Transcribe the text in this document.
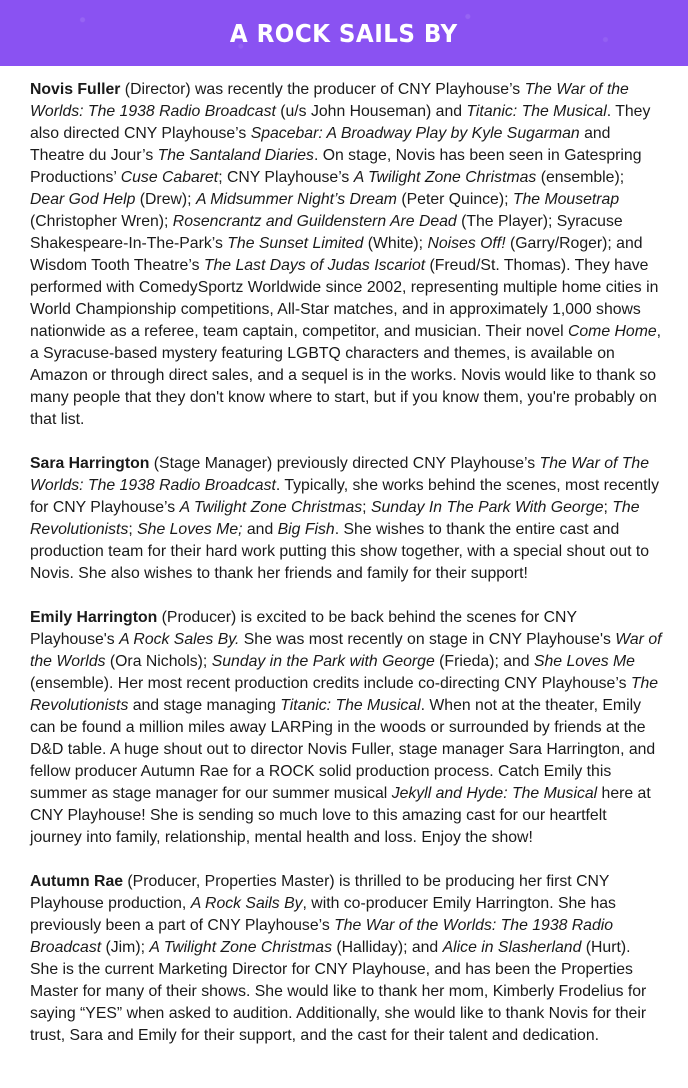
A ROCK SAILS BY

Novis Fuller (Director) was recently the producer of CNY Playhouse’s The War of the Worlds: The 1938 Radio Broadcast (u/s John Houseman) and Titanic: The Musical. They also directed CNY Playhouse’s Spacebar: A Broadway Play by Kyle Sugarman and Theatre du Jour’s The Santaland Diaries. On stage, Novis has been seen in Gatespring Productions’ Cuse Cabaret; CNY Playhouse’s A Twilight Zone Christmas (ensemble); Dear God Help (Drew); A Midsummer Night’s Dream (Peter Quince); The Mousetrap (Christopher Wren); Rosencrantz and Guildenstern Are Dead (The Player); Syracuse Shakespeare-In-The-Park’s The Sunset Limited (White); Noises Off! (Garry/Roger); and Wisdom Tooth Theatre’s The Last Days of Judas Iscariot (Freud/St. Thomas). They have performed with ComedySportz Worldwide since 2002, representing multiple home cities in World Championship competitions, All-Star matches, and in approximately 1,000 shows nationwide as a referee, team captain, competitor, and musician. Their novel Come Home, a Syracuse-based mystery featuring LGBTQ characters and themes, is available on Amazon or through direct sales, and a sequel is in the works. Novis would like to thank so many people that they don't know where to start, but if you know them, you're probably on that list.

Sara Harrington (Stage Manager) previously directed CNY Playhouse’s The War of The Worlds: The 1938 Radio Broadcast. Typically, she works behind the scenes, most recently for CNY Playhouse’s A Twilight Zone Christmas; Sunday In The Park With George; The Revolutionists; She Loves Me; and Big Fish. She wishes to thank the entire cast and production team for their hard work putting this show together, with a special shout out to Novis. She also wishes to thank her friends and family for their support!

Emily Harrington (Producer) is excited to be back behind the scenes for CNY Playhouse's A Rock Sales By. She was most recently on stage in CNY Playhouse's War of the Worlds (Ora Nichols); Sunday in the Park with George (Frieda); and She Loves Me (ensemble). Her most recent production credits include co-directing CNY Playhouse’s The Revolutionists and stage managing Titanic: The Musical. When not at the theater, Emily can be found a million miles away LARPing in the woods or surrounded by friends at the D&D table. A huge shout out to director Novis Fuller, stage manager Sara Harrington, and fellow producer Autumn Rae for a ROCK solid production process. Catch Emily this summer as stage manager for our summer musical Jekyll and Hyde: The Musical here at CNY Playhouse! She is sending so much love to this amazing cast for our heartfelt journey into family, relationship, mental health and loss. Enjoy the show!

Autumn Rae (Producer, Properties Master) is thrilled to be producing her first CNY Playhouse production, A Rock Sails By, with co-producer Emily Harrington. She has previously been a part of CNY Playhouse’s The War of the Worlds: The 1938 Radio Broadcast (Jim); A Twilight Zone Christmas (Halliday); and Alice in Slasherland (Hurt). She is the current Marketing Director for CNY Playhouse, and has been the Properties Master for many of their shows. She would like to thank her mom, Kimberly Frodelius for saying “YES” when asked to audition. Additionally, she would like to thank Novis for their trust, Sara and Emily for their support, and the cast for their talent and dedication.
